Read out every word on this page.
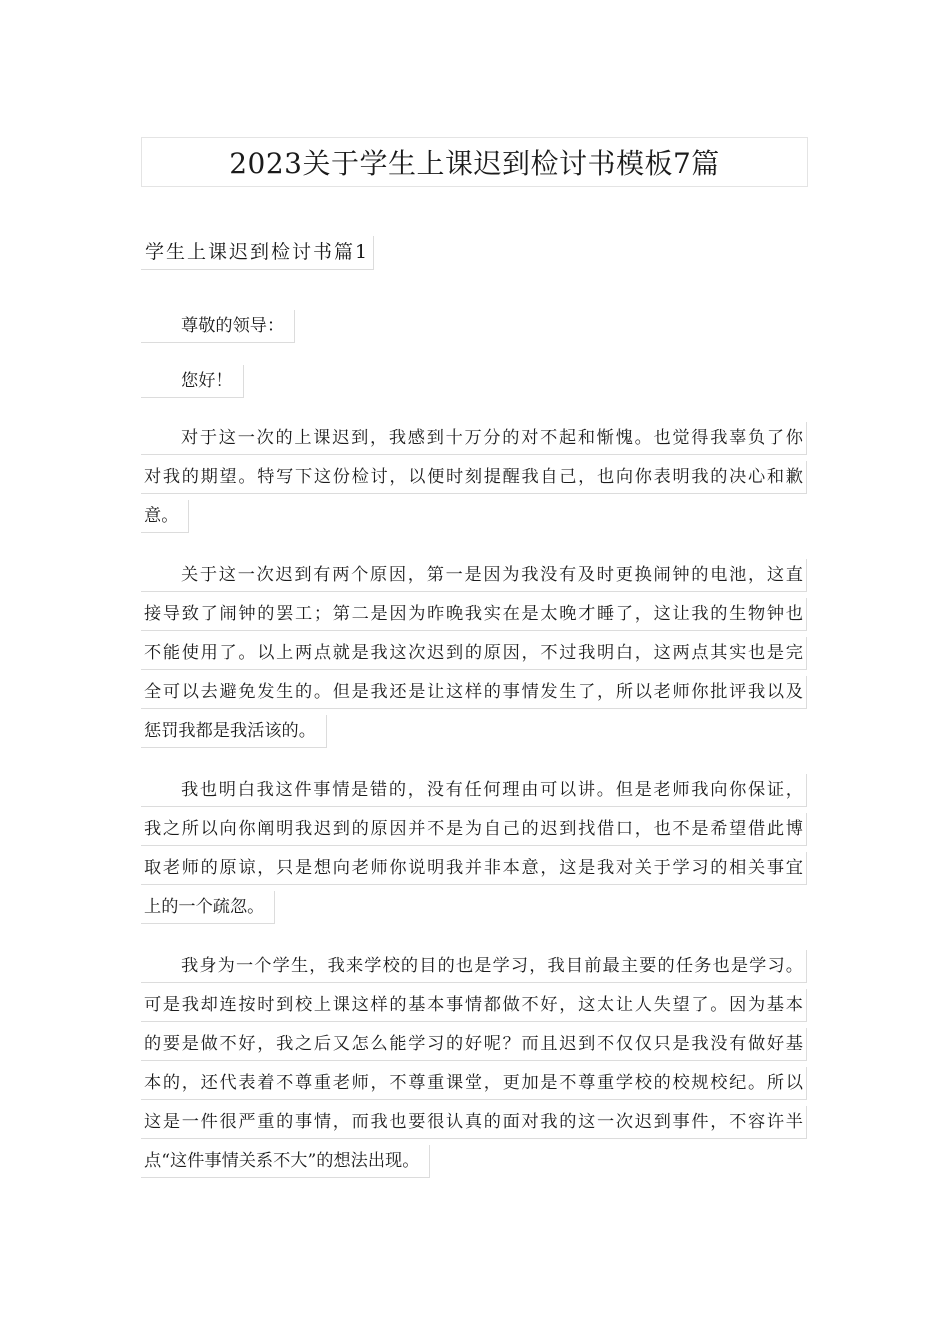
2023关于学生上课迟到检讨书模板7篇
学生上课迟到检讨书篇1
尊敬的领导：
您好！
对于这一次的上课迟到，我感到十万分的对不起和惭愧。也觉得我辜负了你
对我的期望。特写下这份检讨，以便时刻提醒我自己，也向你表明我的决心和歉
意。
关于这一次迟到有两个原因，第一是因为我没有及时更换闹钟的电池，这直
接导致了闹钟的罢工；第二是因为昨晚我实在是太晚才睡了，这让我的生物钟也
不能使用了。以上两点就是我这次迟到的原因，不过我明白，这两点其实也是完
全可以去避免发生的。但是我还是让这样的事情发生了，所以老师你批评我以及
惩罚我都是我活该的。
我也明白我这件事情是错的，没有任何理由可以讲。但是老师我向你保证，
我之所以向你阐明我迟到的原因并不是为自己的迟到找借口，也不是希望借此博
取老师的原谅，只是想向老师你说明我并非本意，这是我对关于学习的相关事宜
上的一个疏忽。
我身为一个学生，我来学校的目的也是学习，我目前最主要的任务也是学习。
可是我却连按时到校上课这样的基本事情都做不好，这太让人失望了。因为基本
的要是做不好，我之后又怎么能学习的好呢？而且迟到不仅仅只是我没有做好基
本的，还代表着不尊重老师，不尊重课堂，更加是不尊重学校的校规校纪。所以
这是一件很严重的事情，而我也要很认真的面对我的这一次迟到事件，不容许半
点“这件事情关系不大”的想法出现。
